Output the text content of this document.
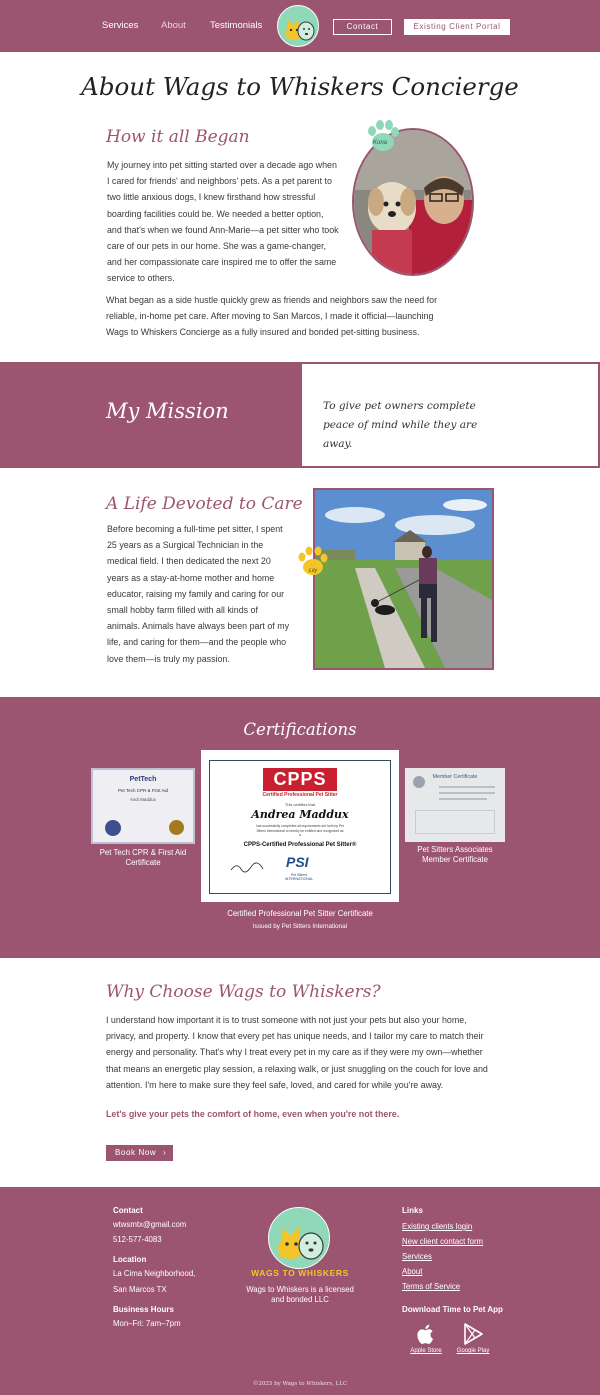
Services About	Testimonials	Contact	Existing Client Portal
About Wags to Whiskers Concierge
How it all Began
My journey into pet sitting started over a decade ago when I cared for friends' and neighbors' pets. As a pet parent to two little anxious dogs, I knew firsthand how stressful boarding facilities could be. We needed a better option, and that's when we found Ann-Marie—a pet sitter who took care of our pets in our home. She was a game-changer, and her compassionate care inspired me to offer the same service to others.
What began as a side hustle quickly grew as friends and neighbors saw the need for reliable, in-home pet care. After moving to San Marcos, I made it official—launching Wags to Whiskers Concierge as a fully insured and bonded pet-sitting business.
Kona
My Mission	To give pet owners complete peace of mind while they are away.
A Life Devoted to Care
Before becoming a full-time pet sitter, I spent 25 years as a Surgical Technician in the medical field. I then dedicated the next 20 years as a stay-at-home mother and home educator, raising my family and caring for our small hobby farm filled with all kinds of animals. Animals have always been part of my life, and caring for them—and the people who love them—is truly my passion.
Lily
Certifications
PetTech
Pet Tech CPR & First Aid
Andi Maddux
Pet Tech CPR & First Aid Certificate
CPPS
Certified Professional Pet Sitter
This certifies that
Andrea Maddux
has successfully completed all requirements set forth by Pet Sitters International to hereby be entitled and recognized as a
CPPS-Certified Professional Pet Sitter®
PSI
Pet Sitters INTERNATIONAL
Certified Professional Pet Sitter Certificate
Issued by Pet Sitters International
Member Certificate
Pet Sitters Associates Member Certificate
Why Choose Wags to Whiskers?
I understand how important it is to trust someone with not just your pets but also your home, privacy, and property. I know that every pet has unique needs, and I tailor my care to match their energy and personality. That's why I treat every pet in my care as if they were my own—whether that means an energetic play session, a relaxing walk, or just snuggling on the couch for love and attention. I'm here to make sure they feel safe, loved, and cared for while you're away.
Let's give your pets the comfort of home, even when you're not there.
Book Now ›
Contact
wtwsmtx@gmail.com
512-577-4083
Location
La Cima Neighborhood,
San Marcos TX
Business Hours
Mon–Fri: 7am–7pm
WAGS TO WHISKERS
Wags to Whiskers is a licensed and bonded LLC
Links
Existing clients login
New client contact form
Services
About
Terms of Service
Download Time to Pet App
Apple Store	Google Play
©2025 by Wags to Whiskers, LLC
